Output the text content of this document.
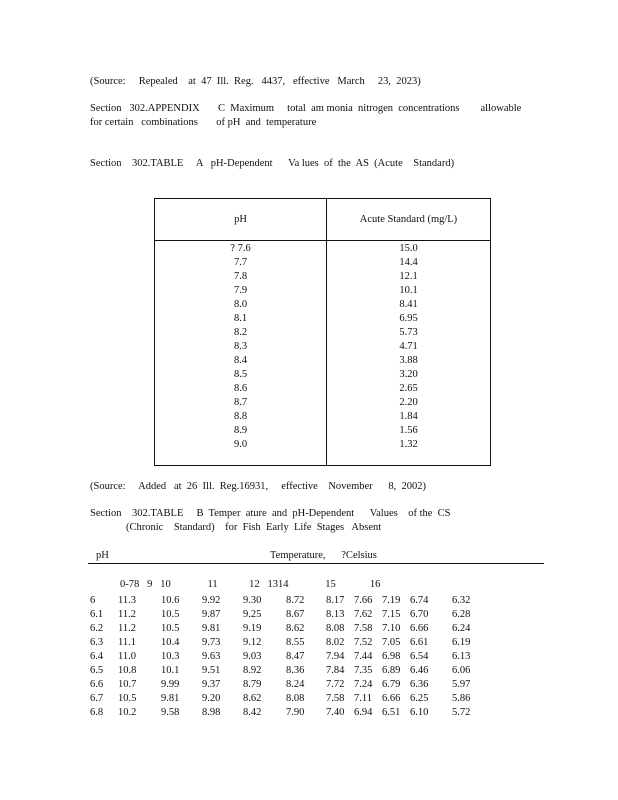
(Source:     Repealed    at  47  Ill.  Reg.   4437,   effective   March     23,  2023)
Section   302.APPENDIX       C  Maximum     total  am monia  nitrogen  concentrations        allowable
for certain   combinations       of pH  and  temperature
Section    302.TABLE     A   pH-Dependent      Va lues  of  the  AS  (Acute    Standard)
pH	Acute Standard (mg/L)
? 7.6
7.7
7.8
7.9
8.0
8.1
8.2
8.3
8.4
8.5
8.6
8.7
8.8
8.9
9.0
15.0
14.4
12.1
10.1
8.41
6.95
5.73
4.71
3.88
3.20
2.65
2.20
1.84
1.56
1.32
(Source:     Added   at  26  Ill.  Reg.16931,     effective    November      8,  2002)
Section    302.TABLE     B  Temper  ature  and  pH-Dependent      Values    of the  CS
(Chronic    Standard)    for  Fish  Early  Life  Stages   Absent
pH	Temperature,      ?Celsius
0-78   9   10              11            12   1314              15             16
6 11.3 10.6 9.92 9.30 8.72 8.17 7.66 7.19 6.74 6.32
6.1 11.2 10.5 9.87 9.25 8.67 8.13 7.62 7.15 6.70 6.28
6.2 11.2 10.5 9.81 9.19 8.62 8.08 7.58 7.10 6.66 6.24
6.3 11.1 10.4 9.73 9.12 8.55 8.02 7.52 7.05 6.61 6.19
6.4 11.0 10.3 9.63 9.03 8.47 7.94 7.44 6.98 6.54 6.13
6.5 10.8 10.1 9.51 8.92 8.36 7.84 7.35 6.89 6.46 6.06
6.6 10.7 9.99 9.37 8.79 8.24 7.72 7.24 6.79 6.36 5.97
6.7 10.5 9.81 9.20 8.62 8.08 7.58 7.11 6.66 6.25 5.86
6.8 10.2 9.58 8.98 8.42 7.90 7.40 6.94 6.51 6.10 5.72
